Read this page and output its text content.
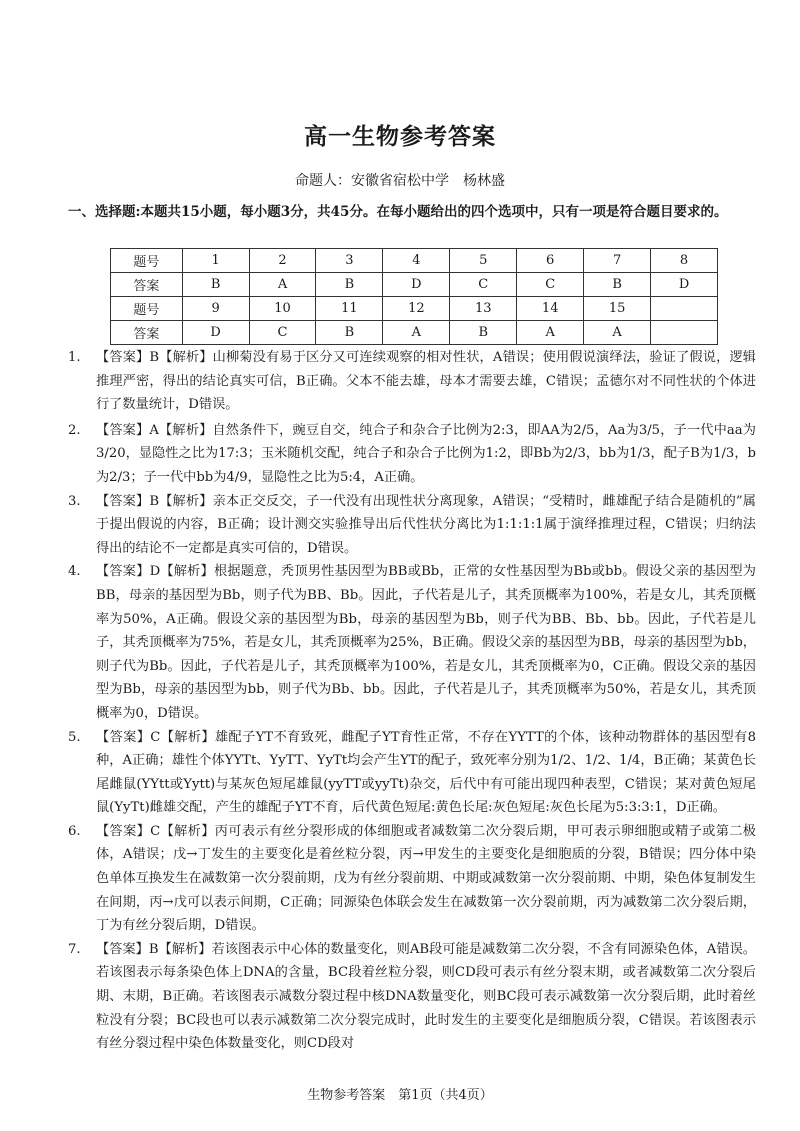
高一生物参考答案
命题人：安徽省宿松中学　杨林盛
一、选择题:本题共15小题，每小题3分，共45分。在每小题给出的四个选项中，只有一项是符合题目要求的。
题号	1	2	3	4	5	6	7	8
答案	B	A	B	D	C	C	B	D
题号	9	10	11	12	13	14	15	
答案	D	C	B	A	B	A	A	
1.	【答案】B【解析】山柳菊没有易于区分又可连续观察的相对性状，A错误；使用假说演绎法，验证了假说，逻辑推理严密，得出的结论真实可信，B正确。父本不能去雄，母本才需要去雄，C错误；孟德尔对不同性状的个体进行了数量统计，D错误。
2.	【答案】A【解析】自然条件下，豌豆自交，纯合子和杂合子比例为2:3，即AA为2/5，Aa为3/5，子一代中aa为3/20，显隐性之比为17:3；玉米随机交配，纯合子和杂合子比例为1:2，即Bb为2/3，bb为1/3，配子B为1/3，b为2/3；子一代中bb为4/9，显隐性之比为5:4，A正确。
3.	【答案】B【解析】亲本正交反交，子一代没有出现性状分离现象，A错误；“受精时，雌雄配子结合是随机的”属于提出假说的内容，B正确；设计测交实验推导出后代性状分离比为1:1:1:1属于演绎推理过程，C错误；归纳法得出的结论不一定都是真实可信的，D错误。
4.	【答案】D【解析】根据题意，秃顶男性基因型为BB或Bb，正常的女性基因型为Bb或bb。假设父亲的基因型为BB，母亲的基因型为Bb，则子代为BB、Bb。因此，子代若是儿子，其秃顶概率为100%，若是女儿，其秃顶概率为50%，A正确。假设父亲的基因型为Bb，母亲的基因型为Bb，则子代为BB、Bb、bb。因此，子代若是儿子，其秃顶概率为75%，若是女儿，其秃顶概率为25%，B正确。假设父亲的基因型为BB，母亲的基因型为bb，则子代为Bb。因此，子代若是儿子，其秃顶概率为100%，若是女儿，其秃顶概率为0，C正确。假设父亲的基因型为Bb，母亲的基因型为bb，则子代为Bb、bb。因此，子代若是儿子，其秃顶概率为50%，若是女儿，其秃顶概率为0，D错误。
5.	【答案】C【解析】雄配子YT不育致死，雌配子YT育性正常，不存在YYTT的个体，该种动物群体的基因型有8种，A正确；雄性个体YYTt、YyTT、YyTt均会产生YT的配子，致死率分别为1/2、1/2、1/4，B正确；某黄色长尾雌鼠(YYtt或Yytt)与某灰色短尾雄鼠(yyTT或yyTt)杂交，后代中有可能出现四种表型，C错误；某对黄色短尾鼠(YyTt)雌雄交配，产生的雄配子YT不育，后代黄色短尾:黄色长尾:灰色短尾:灰色长尾为5:3:3:1，D正确。
6.	【答案】C【解析】丙可表示有丝分裂形成的体细胞或者减数第二次分裂后期，甲可表示卵细胞或精子或第二极体，A错误；戊→丁发生的主要变化是着丝粒分裂，丙→甲发生的主要变化是细胞质的分裂，B错误；四分体中染色单体互换发生在减数第一次分裂前期，戊为有丝分裂前期、中期或减数第一次分裂前期、中期，染色体复制发生在间期，丙→戊可以表示间期，C正确；同源染色体联会发生在减数第一次分裂前期，丙为减数第二次分裂后期，丁为有丝分裂后期，D错误。
7.	【答案】B【解析】若该图表示中心体的数量变化，则AB段可能是减数第二次分裂，不含有同源染色体，A错误。若该图表示每条染色体上DNA的含量，BC段着丝粒分裂，则CD段可表示有丝分裂末期，或者减数第二次分裂后期、末期，B正确。若该图表示减数分裂过程中核DNA数量变化，则BC段可表示减数第一次分裂后期，此时着丝粒没有分裂；BC段也可以表示减数第二次分裂完成时，此时发生的主要变化是细胞质分裂，C错误。若该图表示有丝分裂过程中染色体数量变化，则CD段对
生物参考答案　第1页（共4页）
